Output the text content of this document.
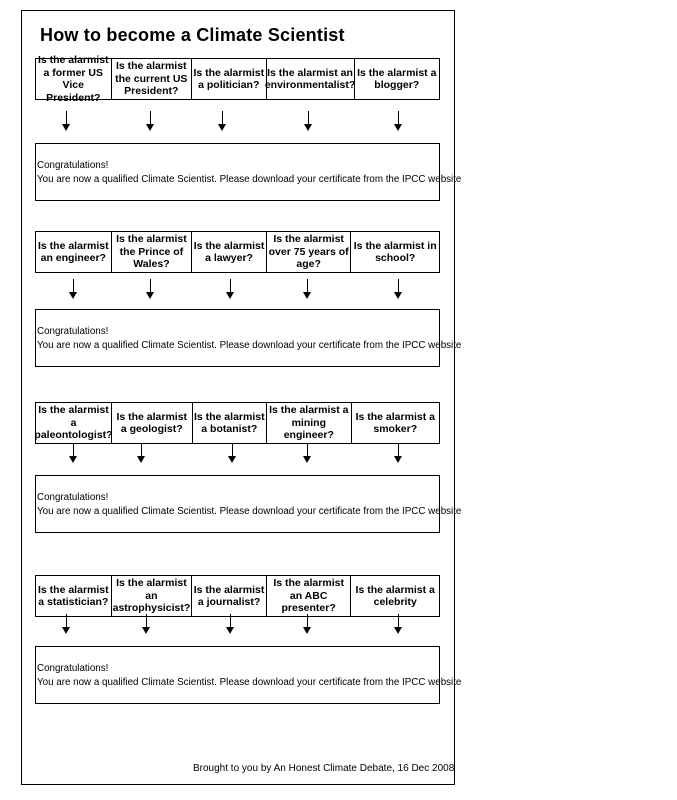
How to become a Climate Scientist
Is the alarmist a former US Vice President?
Is the alarmist the current US President?
Is the alarmist a politician?
Is the alarmist an environmentalist?
Is the alarmist a blogger?
Congratulations!
You are now a qualified Climate Scientist. Please download your certificate from the IPCC website
Is the alarmist an engineer?
Is the alarmist the Prince of Wales?
Is the alarmist a lawyer?
Is the alarmist over 75 years of age?
Is the alarmist in school?
Congratulations!
You are now a qualified Climate Scientist. Please download your certificate from the IPCC website
Is the alarmist a paleontologist?
Is the alarmist a geologist?
Is the alarmist a botanist?
Is the alarmist a mining engineer?
Is the alarmist a smoker?
Congratulations!
You are now a qualified Climate Scientist. Please download your certificate from the IPCC website
Is the alarmist a statistician?
Is the alarmist an astrophysicist?
Is the alarmist a journalist?
Is the alarmist an ABC presenter?
Is the alarmist a celebrity
Congratulations!
You are now a qualified Climate Scientist. Please download your certificate from the IPCC website
Brought to you by An Honest Climate Debate, 16 Dec 2008
